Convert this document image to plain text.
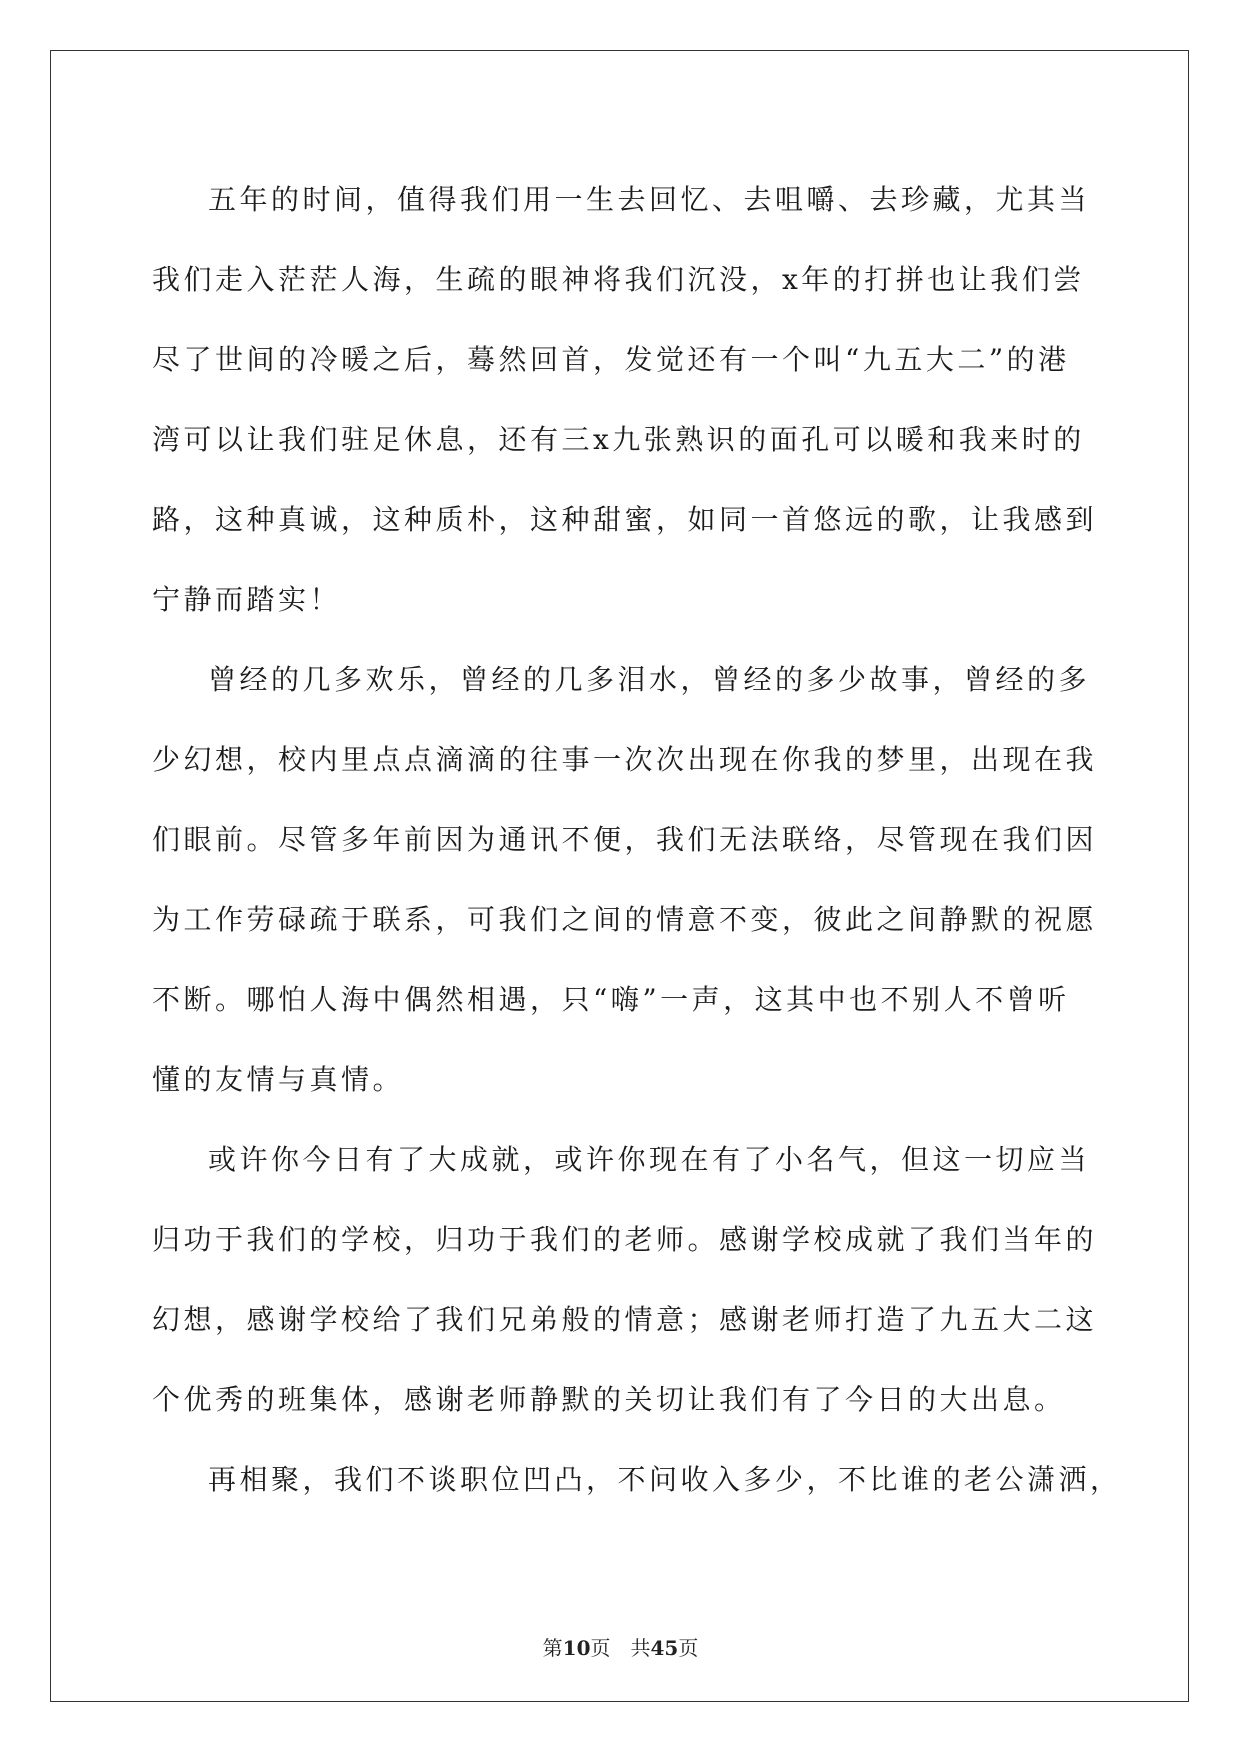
五年的时间，值得我们用一生去回忆、去咀嚼、去珍藏，尤其当
我们走入茫茫人海，生疏的眼神将我们沉没，x年的打拼也让我们尝
尽了世间的冷暖之后，蓦然回首，发觉还有一个叫“九五大二”的港
湾可以让我们驻足休息，还有三x九张熟识的面孔可以暖和我来时的
路，这种真诚，这种质朴，这种甜蜜，如同一首悠远的歌，让我感到
宁静而踏实！

曾经的几多欢乐，曾经的几多泪水，曾经的多少故事，曾经的多
少幻想，校内里点点滴滴的往事一次次出现在你我的梦里，出现在我
们眼前。尽管多年前因为通讯不便，我们无法联络，尽管现在我们因
为工作劳碌疏于联系，可我们之间的情意不变，彼此之间静默的祝愿
不断。哪怕人海中偶然相遇，只“嗨”一声，这其中也不别人不曾听
懂的友情与真情。

或许你今日有了大成就，或许你现在有了小名气，但这一切应当
归功于我们的学校，归功于我们的老师。感谢学校成就了我们当年的
幻想，感谢学校给了我们兄弟般的情意；感谢老师打造了九五大二这
个优秀的班集体，感谢老师静默的关切让我们有了今日的大出息。

再相聚，我们不谈职位凹凸，不问收入多少，不比谁的老公潇洒，

第10页 共45页
